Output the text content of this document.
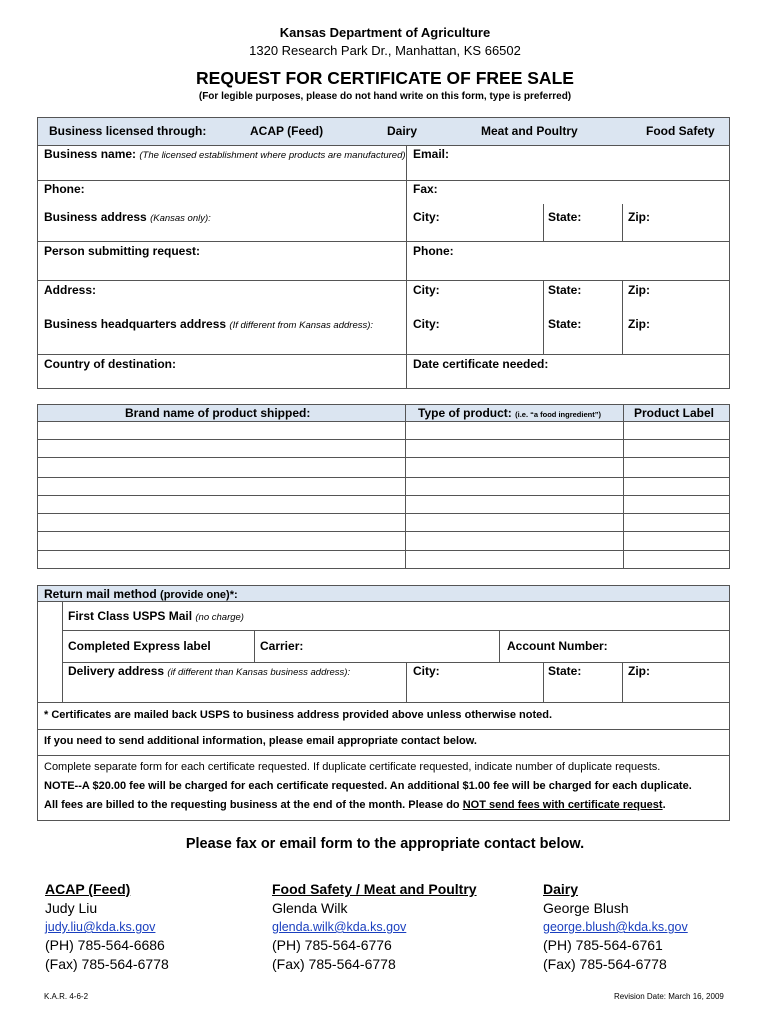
Kansas Department of Agriculture
1320 Research Park Dr., Manhattan, KS 66502
REQUEST FOR CERTIFICATE OF FREE SALE
(For legible purposes, please do not hand write on this form, type is preferred)
Business licensed through:	ACAP (Feed)	Dairy	Meat and Poultry	Food Safety
Business name: (The licensed establishment where products are manufactured) Email:
Phone:	Fax:
Business address (Kansas only):	City:	State:	Zip:
Person submitting request:	Phone:
Address:	City:	State:	Zip:
Business headquarters address (If different from Kansas address):	City:	State:	Zip:
Country of destination:	Date certificate needed:
Brand name of product shipped:	Type of product: (i.e. “a food ingredient”)	Product Label
Return mail method (provide one)*:
First Class USPS Mail (no charge)
Completed Express label	Carrier:	Account Number:
Delivery address (if different than Kansas business address):	City:	State:	Zip:
* Certificates are mailed back USPS to business address provided above unless otherwise noted.
If you need to send additional information, please email appropriate contact below.
Complete separate form for each certificate requested. If duplicate certificate requested, indicate number of duplicate requests.
NOTE--A $20.00 fee will be charged for each certificate requested. An additional $1.00 fee will be charged for each duplicate.
All fees are billed to the requesting business at the end of the month. Please do NOT send fees with certificate request.
Please fax or email form to the appropriate contact below.
ACAP (Feed)
Judy Liu
judy.liu@kda.ks.gov
(PH) 785-564-6686
(Fax) 785-564-6778
Food Safety / Meat and Poultry
Glenda Wilk
glenda.wilk@kda.ks.gov
(PH) 785-564-6776
(Fax) 785-564-6778
Dairy
George Blush
george.blush@kda.ks.gov
(PH) 785-564-6761
(Fax) 785-564-6778
K.A.R. 4-6-2	Revision Date: March 16, 2009
